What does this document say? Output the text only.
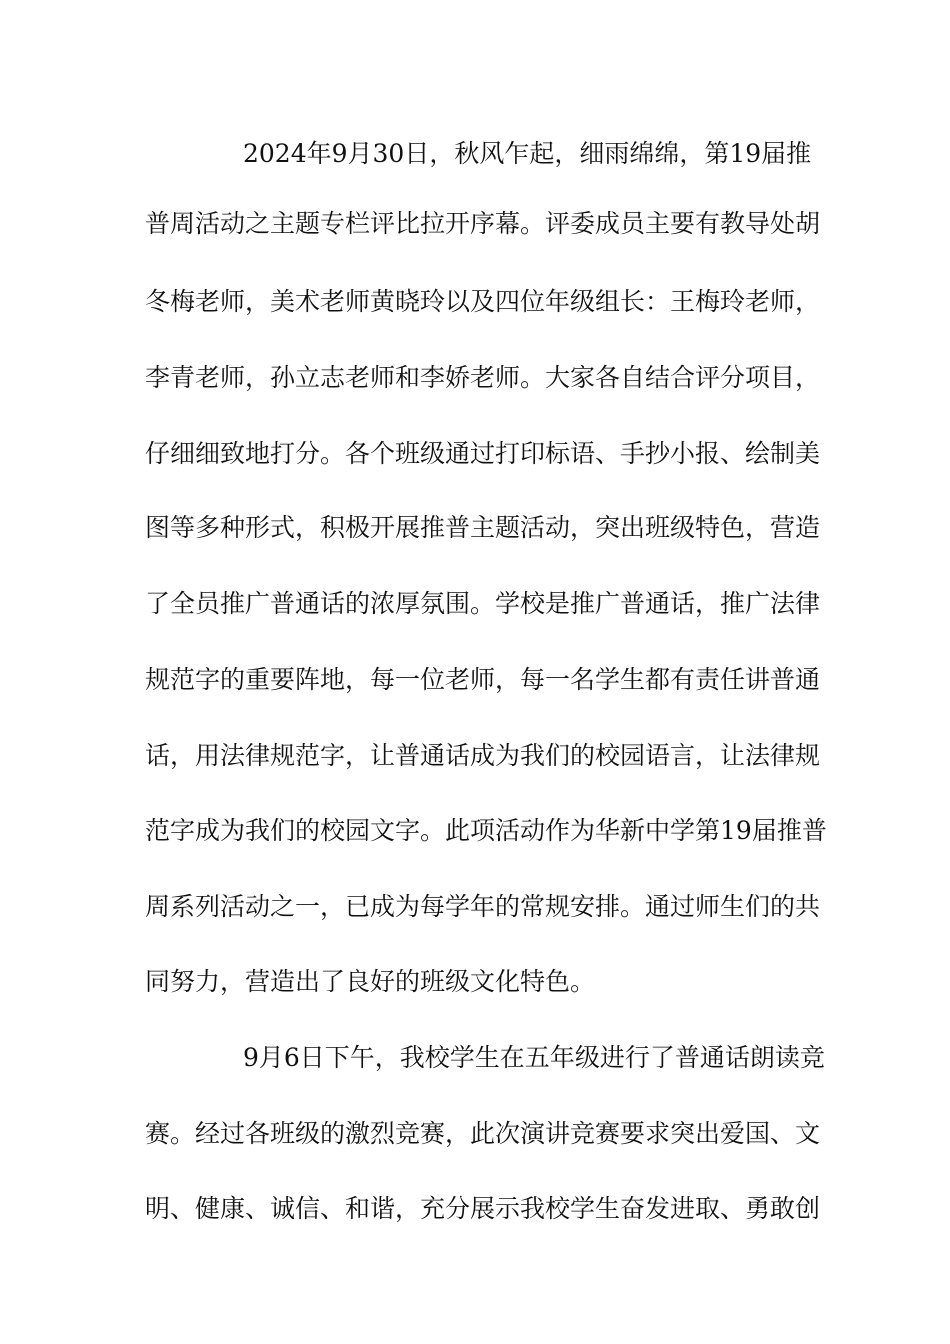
2024年9月30日，秋风乍起，细雨绵绵，第19届推
普周活动之主题专栏评比拉开序幕。评委成员主要有教导处胡
冬梅老师，美术老师黄晓玲以及四位年级组长：王梅玲老师，
李青老师，孙立志老师和李娇老师。大家各自结合评分项目，
仔细细致地打分。各个班级通过打印标语、手抄小报、绘制美
图等多种形式，积极开展推普主题活动，突出班级特色，营造
了全员推广普通话的浓厚氛围。学校是推广普通话，推广法律
规范字的重要阵地，每一位老师，每一名学生都有责任讲普通
话，用法律规范字，让普通话成为我们的校园语言，让法律规
范字成为我们的校园文字。此项活动作为华新中学第19届推普
周系列活动之一，已成为每学年的常规安排。通过师生们的共
同努力，营造出了良好的班级文化特色。
9月6日下午，我校学生在五年级进行了普通话朗读竞
赛。经过各班级的激烈竞赛，此次演讲竞赛要求突出爱国、文
明、健康、诚信、和谐，充分展示我校学生奋发进取、勇敢创
